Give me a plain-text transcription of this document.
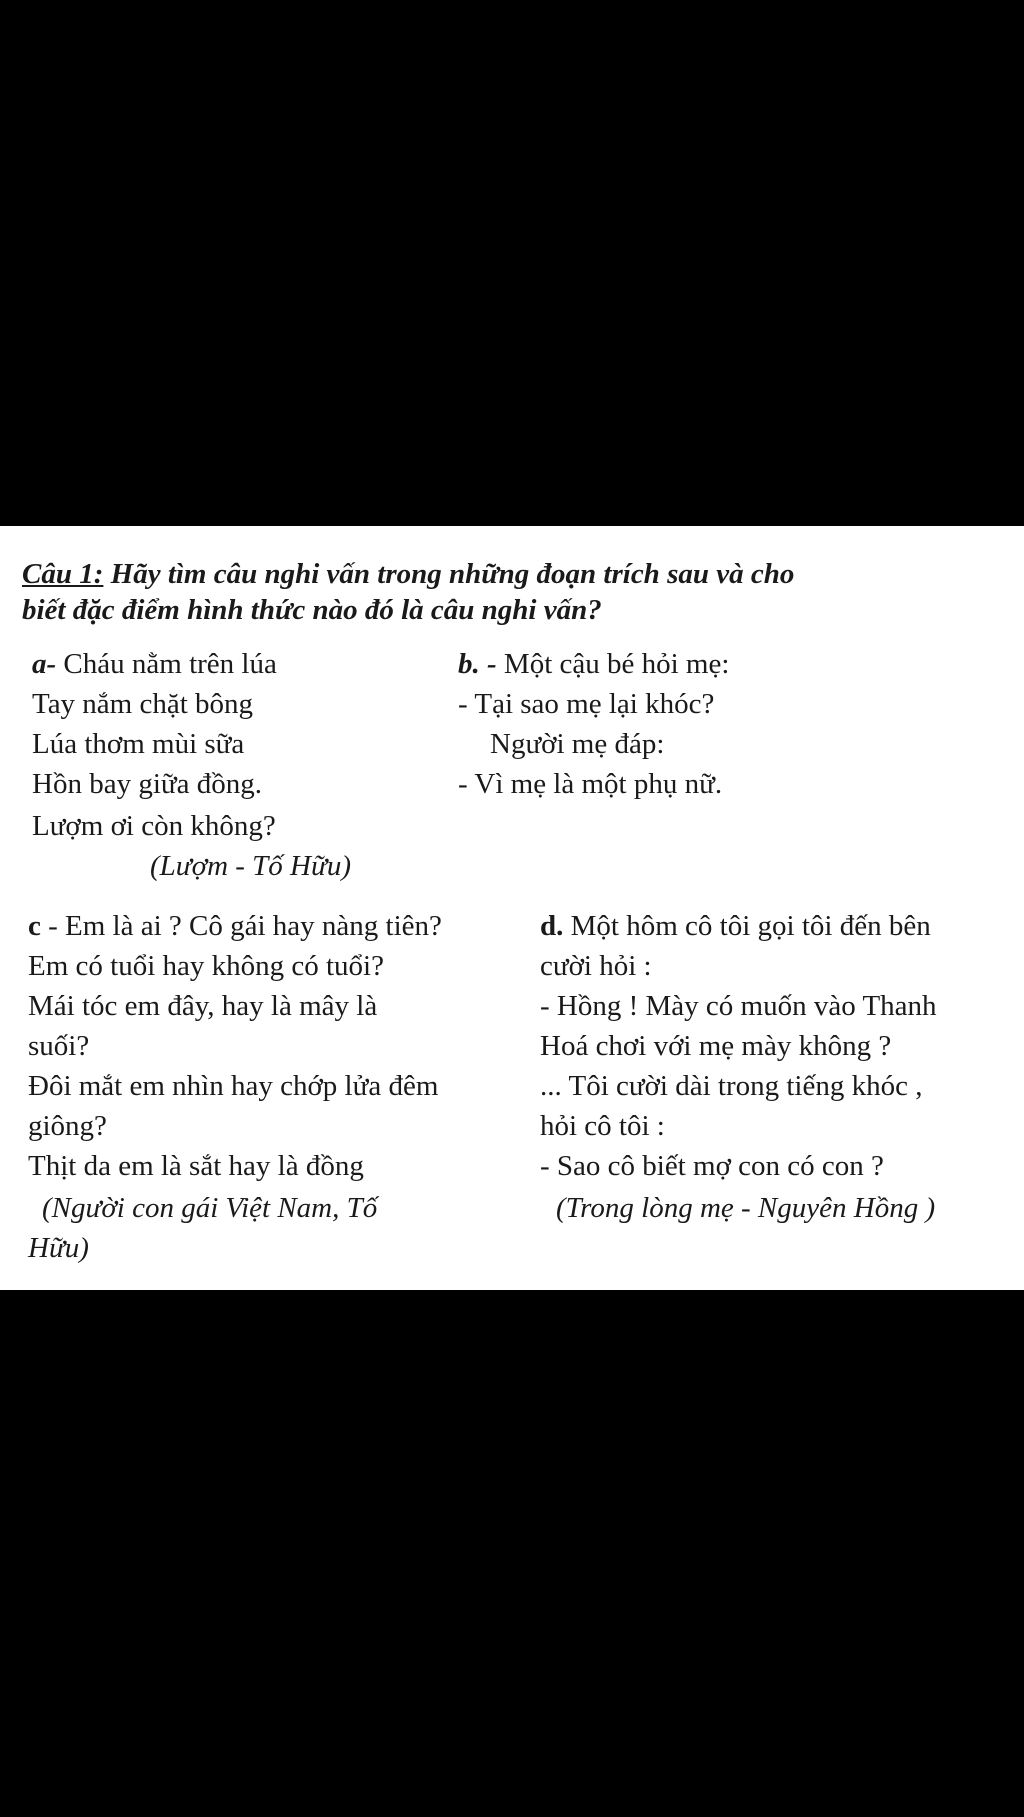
Câu 1: Hãy tìm câu nghi vấn trong những đoạn trích sau và cho
biết đặc điểm hình thức nào đó là câu nghi vấn?
a- Cháu nằm trên lúa
Tay nắm chặt bông
Lúa thơm mùi sữa
Hồn bay giữa đồng.
Lượm ơi còn không?
(Lượm - Tố Hữu)
b. - Một cậu bé hỏi mẹ:
- Tại sao mẹ lại khóc?
Người mẹ đáp:
- Vì mẹ là một phụ nữ.
c - Em là ai ? Cô gái hay nàng tiên?
Em có tuổi hay không có tuổi?
Mái tóc em đây, hay là mây là
suối?
Đôi mắt em nhìn hay chớp lửa đêm
giông?
Thịt da em là sắt hay là đồng
(Người con gái Việt Nam, Tố
Hữu)
d. Một hôm cô tôi gọi tôi đến bên
cười hỏi :
- Hồng ! Mày có muốn vào Thanh
Hoá chơi với mẹ mày không ?
... Tôi cười dài trong tiếng khóc ,
hỏi cô tôi :
- Sao cô biết mợ con có con ?
(Trong lòng mẹ - Nguyên Hồng )
